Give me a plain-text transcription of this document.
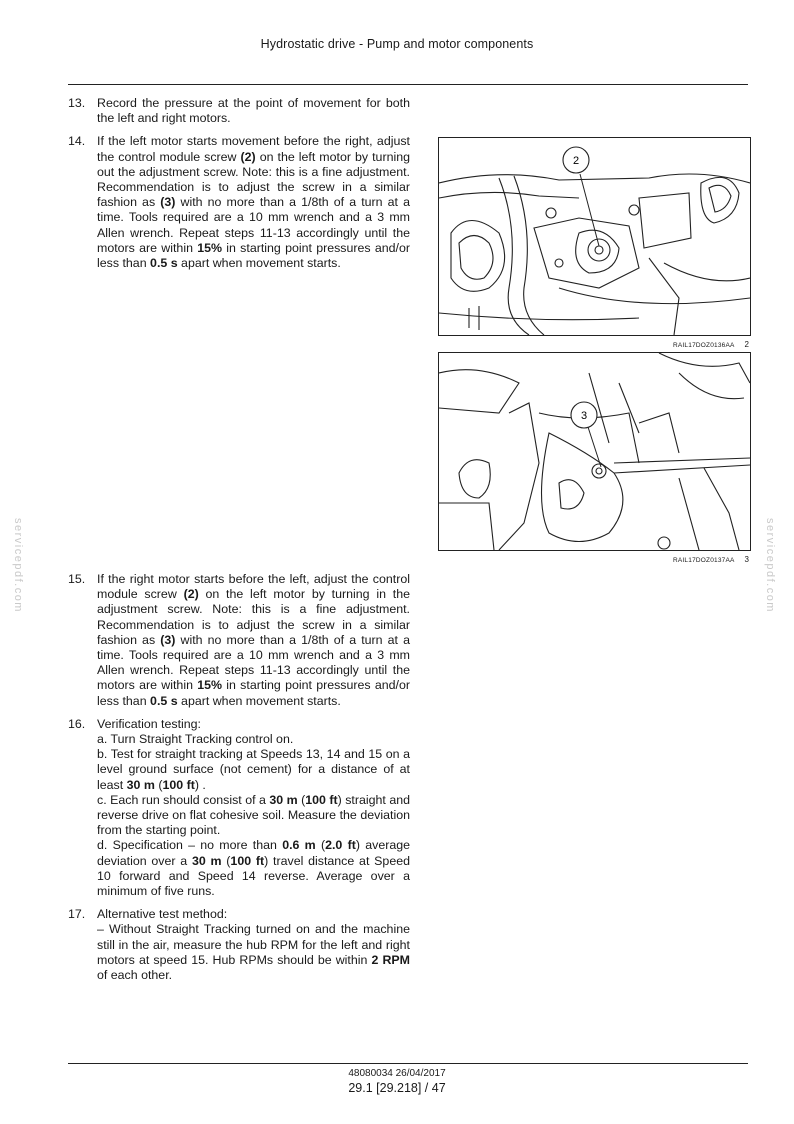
Hydrostatic drive - Pump and motor components
servicepdf.com	servicepdf.com
13. Record the pressure at the point of movement for both the left and right motors.
14. If the left motor starts movement before the right, adjust the control module screw (2) on the left motor by turning out the adjustment screw. Note: this is a fine adjustment. Recommendation is to adjust the screw in a similar fashion as (3) with no more than a 1/8th of a turn at a time. Tools required are a 10 mm wrench and a 3 mm Allen wrench. Repeat steps 11-13 accordingly until the motors are within 15% in starting point pressures and/or less than 0.5 s apart when movement starts.
2
RAIL17DOZ0136AA 2
3
RAIL17DOZ0137AA 3
15. If the right motor starts before the left, adjust the control module screw (2) on the left motor by turning in the adjustment screw. Note: this is a fine adjustment. Recommendation is to adjust the screw in a similar fashion as (3) with no more than a 1/8th of a turn at a time. Tools required are a 10 mm wrench and a 3 mm Allen wrench. Repeat steps 11-13 accordingly until the motors are within 15% in starting point pressures and/or less than 0.5 s apart when movement starts.
16. Verification testing:
a. Turn Straight Tracking control on.
b. Test for straight tracking at Speeds 13, 14 and 15 on a level ground surface (not cement) for a distance of at least 30 m (100 ft) .
c. Each run should consist of a 30 m (100 ft) straight and reverse drive on flat cohesive soil. Measure the deviation from the starting point.
d. Specification – no more than 0.6 m (2.0 ft) average deviation over a 30 m (100 ft) travel distance at Speed 10 forward and Speed 14 reverse. Average over a minimum of five runs.
17. Alternative test method:
– Without Straight Tracking turned on and the machine still in the air, measure the hub RPM for the left and right motors at speed 15. Hub RPMs should be within 2 RPM of each other.
48080034 26/04/2017
29.1 [29.218] / 47
